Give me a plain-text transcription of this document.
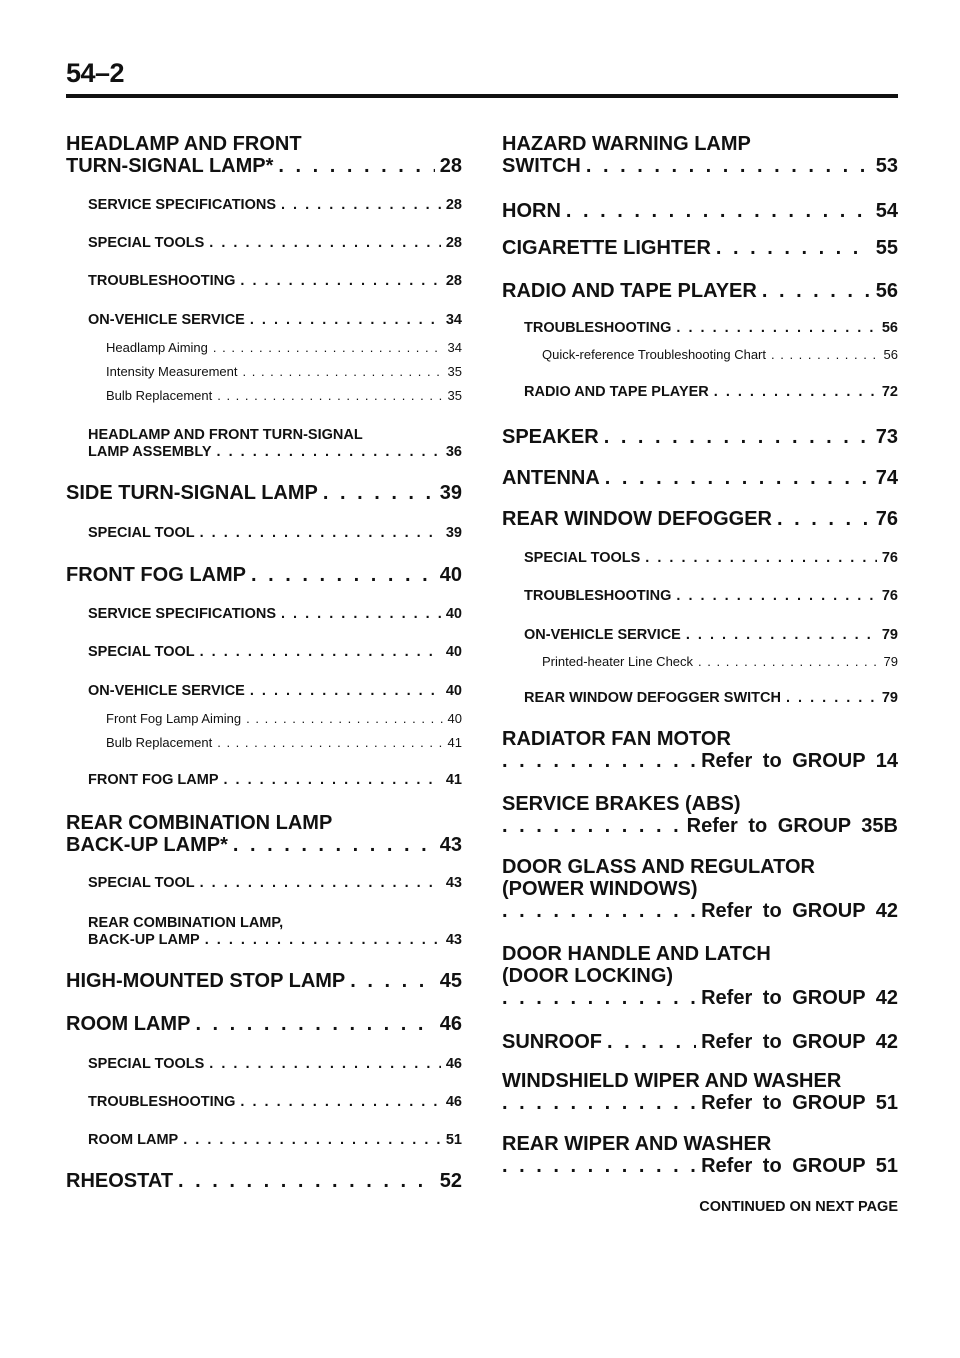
54–2
HEADLAMP AND FRONT
TURN-SIGNAL LAMP* . . .	28
SERVICE SPECIFICATIONS . . .	28
SPECIAL TOOLS . . .	28
TROUBLESHOOTING . . .	28
ON-VEHICLE SERVICE . . .	34
Headlamp Aiming . . .	34
Intensity Measurement . . .	35
Bulb Replacement . . .	35
HEADLAMP AND FRONT TURN-SIGNAL
LAMP ASSEMBLY . . .	36
SIDE TURN-SIGNAL LAMP . . .	39
SPECIAL TOOL . . .	39
FRONT FOG LAMP . . .	40
SERVICE SPECIFICATIONS . . .	40
SPECIAL TOOL . . .	40
ON-VEHICLE SERVICE . . .	40
Front Fog Lamp Aiming . . .	40
Bulb Replacement . . .	41
FRONT FOG LAMP . . .	41
REAR COMBINATION LAMP
BACK-UP LAMP* . . .	43
SPECIAL TOOL . . .	43
REAR COMBINATION LAMP,
BACK-UP LAMP . . .	43
HIGH-MOUNTED STOP LAMP . . .	45
ROOM LAMP . . .	46
SPECIAL TOOLS . . .	46
TROUBLESHOOTING . . .	46
ROOM LAMP . . .	51
RHEOSTAT . . .	52
HAZARD WARNING LAMP
SWITCH . . .	53
HORN . . .	54
CIGARETTE LIGHTER . . .	55
RADIO AND TAPE PLAYER . . .	56
TROUBLESHOOTING . . .	56
Quick-reference Troubleshooting Chart . . .	56
RADIO AND TAPE PLAYER . . .	72
SPEAKER . . .	73
ANTENNA . . .	74
REAR WINDOW DEFOGGER . . .	76
SPECIAL TOOLS . . .	76
TROUBLESHOOTING . . .	76
ON-VEHICLE SERVICE . . .	79
Printed-heater Line Check . . .	79
REAR WINDOW DEFOGGER SWITCH . . .	79
RADIATOR FAN MOTOR
. . .
Refer to GROUP 14
SERVICE BRAKES (ABS)
. . .
Refer to GROUP 35B
DOOR GLASS AND REGULATOR
(POWER WINDOWS)
. . .
Refer to GROUP 42
DOOR HANDLE AND LATCH
(DOOR LOCKING)
. . .
Refer to GROUP 42
SUNROOF . . .	Refer to GROUP 42
WINDSHIELD WIPER AND WASHER
. . .
Refer to GROUP 51
REAR WIPER AND WASHER
. . .
Refer to GROUP 51
CONTINUED ON NEXT PAGE
